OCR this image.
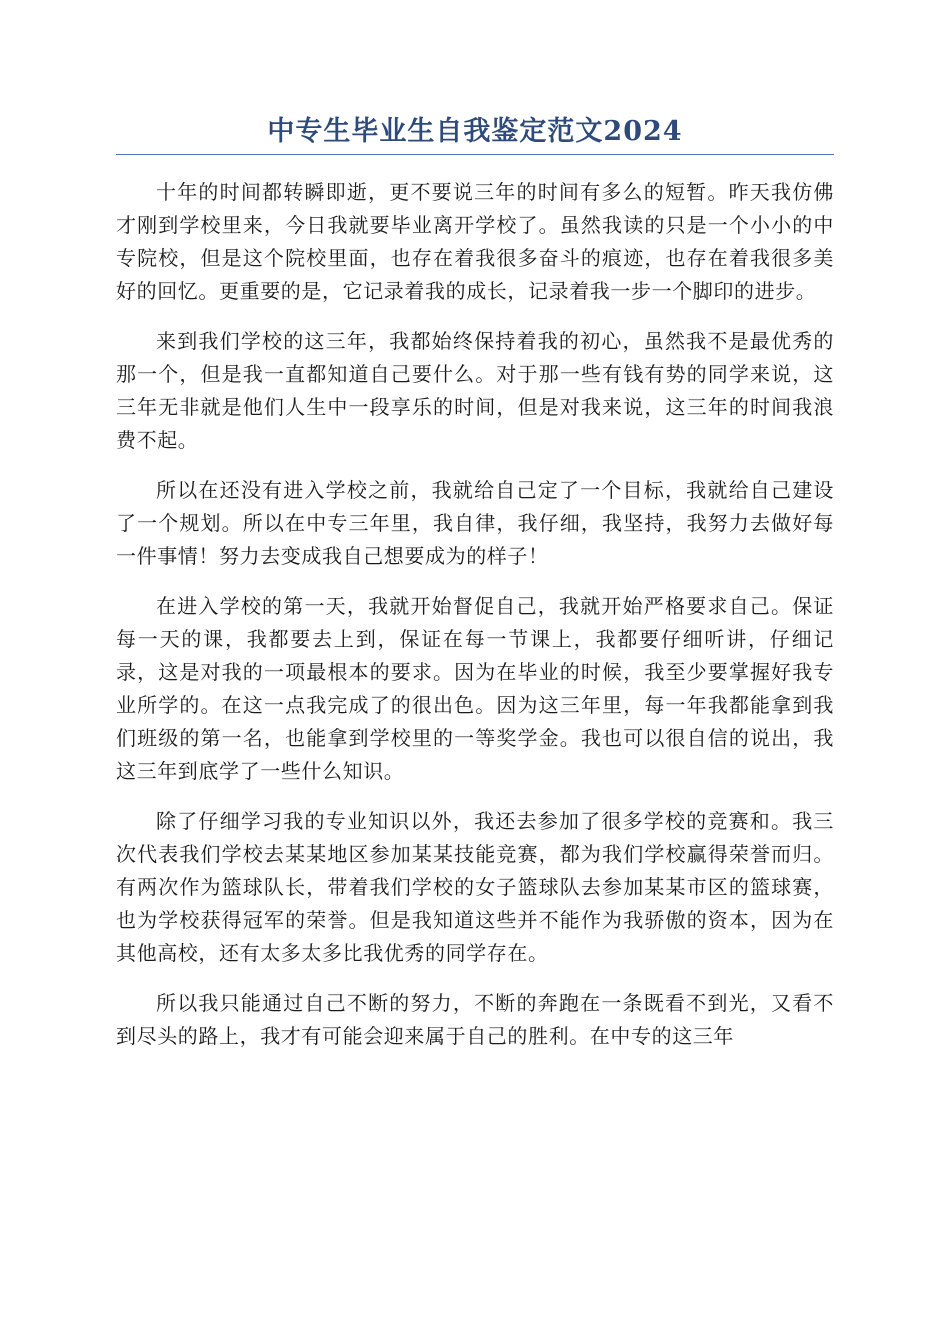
中专生毕业生自我鉴定范文2024

十年的时间都转瞬即逝，更不要说三年的时间有多么的短暂。昨天我仿佛才刚到学校里来，今日我就要毕业离开学校了。虽然我读的只是一个小小的中专院校，但是这个院校里面，也存在着我很多奋斗的痕迹，也存在着我很多美好的回忆。更重要的是，它记录着我的成长，记录着我一步一个脚印的进步。

来到我们学校的这三年，我都始终保持着我的初心，虽然我不是最优秀的那一个，但是我一直都知道自己要什么。对于那一些有钱有势的同学来说，这三年无非就是他们人生中一段享乐的时间，但是对我来说，这三年的时间我浪费不起。

所以在还没有进入学校之前，我就给自己定了一个目标，我就给自己建设了一个规划。所以在中专三年里，我自律，我仔细，我坚持，我努力去做好每一件事情！努力去变成我自己想要成为的样子！

在进入学校的第一天，我就开始督促自己，我就开始严格要求自己。保证每一天的课，我都要去上到，保证在每一节课上，我都要仔细听讲，仔细记录，这是对我的一项最根本的要求。因为在毕业的时候，我至少要掌握好我专业所学的。在这一点我完成了的很出色。因为这三年里，每一年我都能拿到我们班级的第一名，也能拿到学校里的一等奖学金。我也可以很自信的说出，我这三年到底学了一些什么知识。

除了仔细学习我的专业知识以外，我还去参加了很多学校的竞赛和。我三次代表我们学校去某某地区参加某某技能竞赛，都为我们学校赢得荣誉而归。有两次作为篮球队长，带着我们学校的女子篮球队去参加某某市区的篮球赛，也为学校获得冠军的荣誉。但是我知道这些并不能作为我骄傲的资本，因为在其他高校，还有太多太多比我优秀的同学存在。

所以我只能通过自己不断的努力，不断的奔跑在一条既看不到光，又看不到尽头的路上，我才有可能会迎来属于自己的胜利。在中专的这三年
